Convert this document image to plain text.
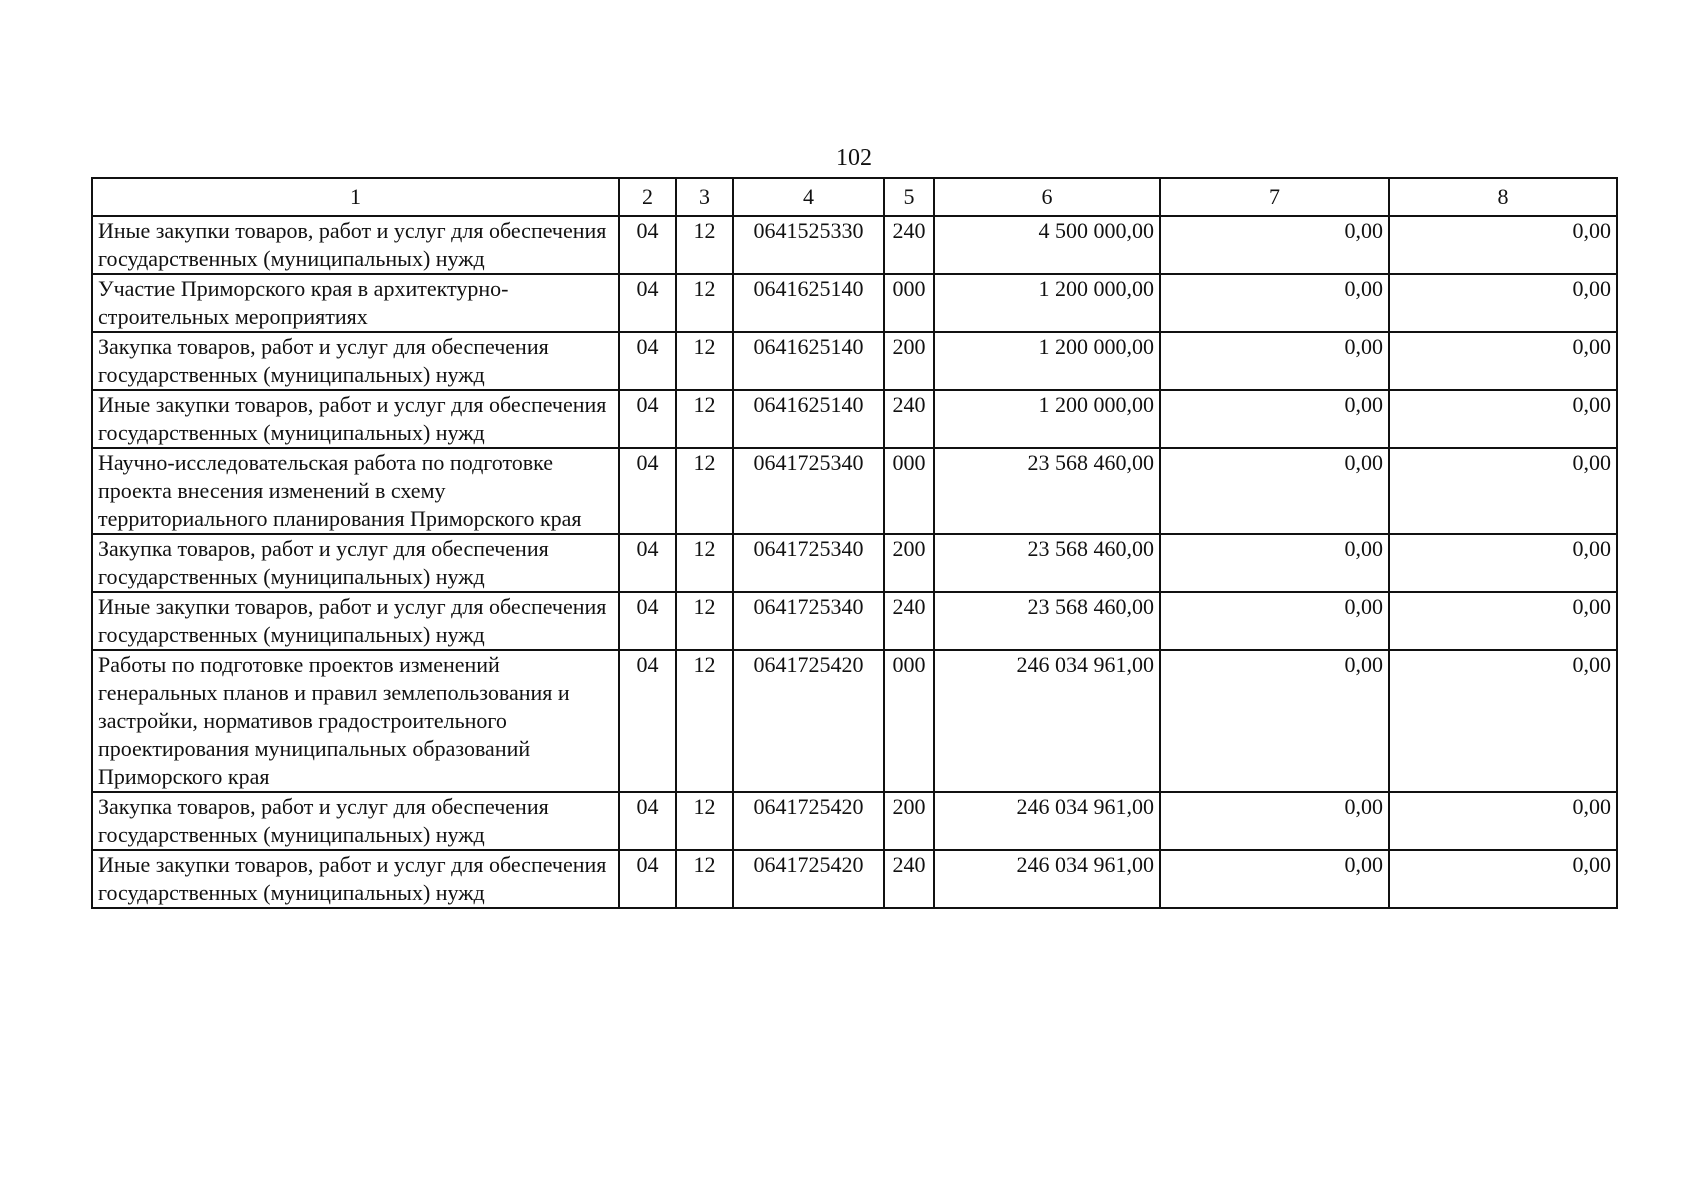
102
1	2	3	4	5	6	7	8
Иные закупки товаров, работ и услуг для обеспечения государственных (муниципальных) нужд	04	12	0641525330	240	4 500 000,00	0,00	0,00
Участие Приморского края в архитектурно-строительных мероприятиях	04	12	0641625140	000	1 200 000,00	0,00	0,00
Закупка товаров, работ и услуг для обеспечения государственных (муниципальных) нужд	04	12	0641625140	200	1 200 000,00	0,00	0,00
Иные закупки товаров, работ и услуг для обеспечения государственных (муниципальных) нужд	04	12	0641625140	240	1 200 000,00	0,00	0,00
Научно-исследовательская работа по подготовке проекта внесения изменений в схему территориального планирования Приморского края	04	12	0641725340	000	23 568 460,00	0,00	0,00
Закупка товаров, работ и услуг для обеспечения государственных (муниципальных) нужд	04	12	0641725340	200	23 568 460,00	0,00	0,00
Иные закупки товаров, работ и услуг для обеспечения государственных (муниципальных) нужд	04	12	0641725340	240	23 568 460,00	0,00	0,00
Работы по подготовке проектов изменений генеральных планов и правил землепользования и застройки, нормативов градостроительного проектирования муниципальных образований Приморского края	04	12	0641725420	000	246 034 961,00	0,00	0,00
Закупка товаров, работ и услуг для обеспечения государственных (муниципальных) нужд	04	12	0641725420	200	246 034 961,00	0,00	0,00
Иные закупки товаров, работ и услуг для обеспечения государственных (муниципальных) нужд	04	12	0641725420	240	246 034 961,00	0,00	0,00
